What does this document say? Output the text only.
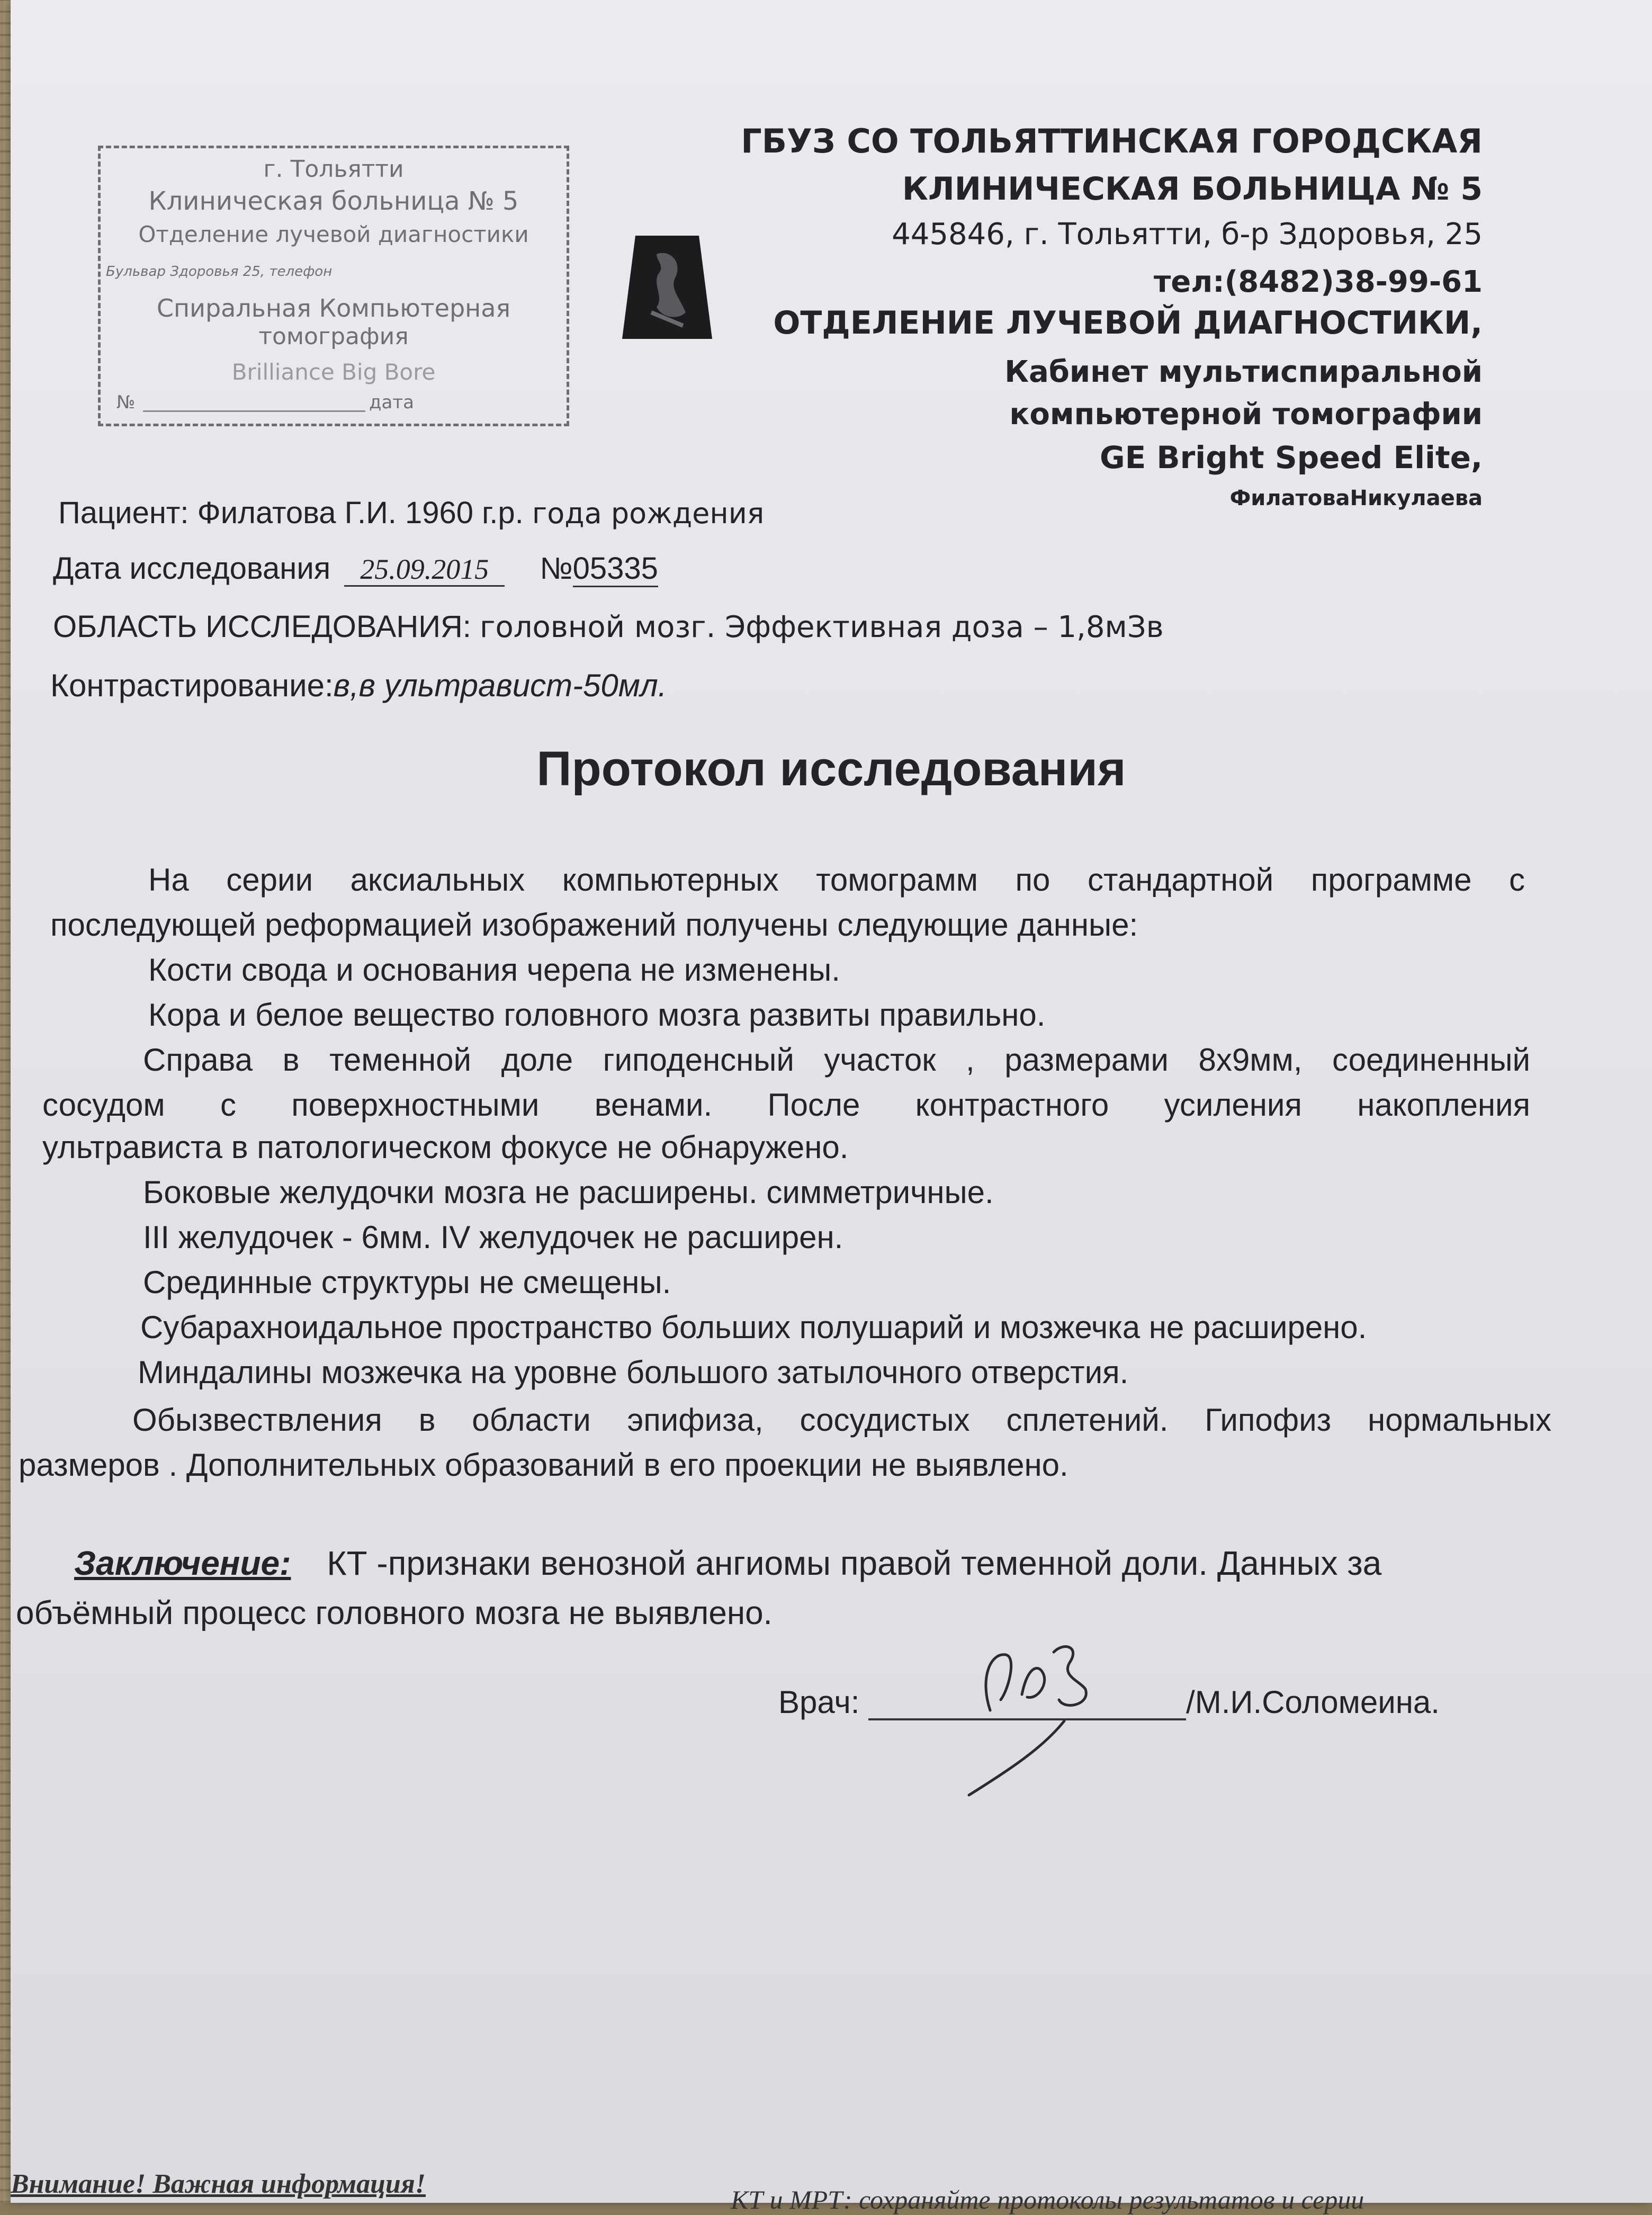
г. Тольятти
Клиническая больница № 5
Отделение лучевой диагностики
Бульвар Здоровья 25, телефон
Спиральная Компьютерная
томография
Brilliance Big Bore
№	дата
ГБУЗ СО ТОЛЬЯТТИНСКАЯ ГОРОДСКАЯ
КЛИНИЧЕСКАЯ БОЛЬНИЦА № 5
445846, г. Тольятти, б-р Здоровья, 25
тел:(8482)38-99-61
ОТДЕЛЕНИЕ ЛУЧЕВОЙ ДИАГНОСТИКИ,
Кабинет мультиспиральной
компьютерной томографии
GE Bright Speed Elite,
ФилатоваНикулаева
Пациент: Филатова Г.И. 1960 г.р. года рождения
Дата исследования 25.09.2015 №05335
ОБЛАСТЬ ИССЛЕДОВАНИЯ: головной мозг. Эффективная доза – 1,8мЗв
Контрастирование:в,в ультравист-50мл.
Протокол исследования
На серии аксиальных компьютерных томограмм по стандартной программе с
последующей реформацией изображений получены следующие данные:
Кости свода и основания черепа не изменены.
Кора и белое вещество головного мозга развиты правильно.
Справа в теменной доле гиподенсный участок , размерами 8х9мм, соединенный
сосудом с поверхностными венами. После контрастного усиления накопления
ультрависта в патологическом фокусе не обнаружено.
Боковые желудочки мозга не расширены. симметричные.
III желудочек - 6мм. IV желудочек не расширен.
Срединные структуры не смещены.
Субарахноидальное пространство больших полушарий и мозжечка не расширено.
Миндалины мозжечка на уровне большого затылочного отверстия.
Обызвествления в области эпифиза, сосудистых сплетений. Гипофиз нормальных
размеров . Дополнительных образований в его проекции не выявлено.
Заключение: КТ -признаки венозной ангиомы правой теменной доли. Данных за
объёмный процесс головного мозга не выявлено.
Врач:	/М.И.Соломеина.
Внимание! Важная информация!
КТ и МРТ: сохраняйте протоколы результатов и серии
